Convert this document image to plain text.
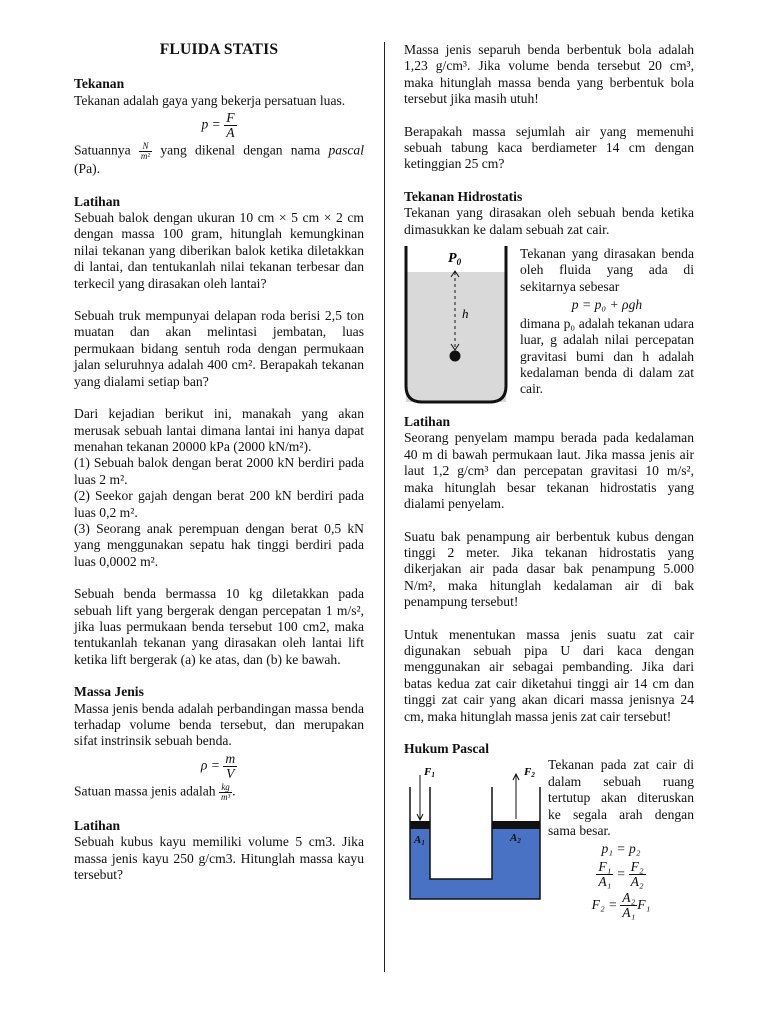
FLUIDA STATIS
Tekanan

Tekanan adalah gaya yang bekerja persatuan luas.

$p = \frac{F}{A}$

Satuannya $\frac{N}{\text{m²}}$ yang dikenal dengan nama pascal (Pa).

Latihan

Sebuah balok dengan ukuran 10 cm × 5 cm × 2 cm dengan massa 100 gram, hitunglah kemungkinan nilai tekanan yang diberikan balok ketika diletakkan di lantai, dan tentukanlah nilai tekanan terbesar dan terkecil yang dirasakan oleh lantai?

Sebuah truk mempunyai delapan roda berisi 2,5 ton muatan dan akan melintasi jembatan, luas permukaan bidang sentuh roda dengan permukaan jalan seluruhnya adalah 400 cm². Berapakah tekanan yang dialami setiap ban?

Dari kejadian berikut ini, manakah yang akan merusak sebuah lantai dimana lantai ini hanya dapat menahan tekanan 20000 kPa (2000 kN/m²).

(1) Sebuah balok dengan berat 2000 kN berdiri pada luas 2 m².

(2) Seekor gajah dengan berat 200 kN berdiri pada luas 0,2 m².

(3) Seorang anak perempuan dengan berat 0,5 kN yang menggunakan sepatu hak tinggi berdiri pada luas 0,0002 m².

Sebuah benda bermassa 10 kg diletakkan pada sebuah lift yang bergerak dengan percepatan 1 m/s², jika luas permukaan benda tersebut 100 cm2, maka tentukanlah tekanan yang dirasakan oleh lantai lift ketika lift bergerak (a) ke atas, dan (b) ke bawah.

Massa Jenis

Massa jenis benda adalah perbandingan massa benda terhadap volume benda tersebut, dan merupakan sifat instrinsik sebuah benda.

$\rho = \frac{m}{V}$

Satuan massa jenis adalah $\frac{kg}{\text{m³}}$ .

Latihan

Sebuah kubus kayu memiliki volume 5 cm3. Jika massa jenis kayu 250 g/cm3. Hitunglah massa kayu tersebut?

Massa jenis separuh benda berbentuk bola adalah 1,23 g/cm³. Jika volume benda tersebut 20 cm³, maka hitunglah massa benda yang berbentuk bola tersebut jika masih utuh!

Berapakah massa sejumlah air yang memenuhi sebuah tabung kaca berdiameter 14 cm dengan ketinggian 25 cm?

Tekanan Hidrostatis

Tekanan yang dirasakan oleh sebuah benda ketika dimasukkan ke dalam sebuah zat cair.

$P_0$
h

Tekanan yang dirasakan benda oleh fluida yang ada di sekitarnya sebesar

p = p₀ + ρgh

dimana p₀ adalah tekanan udara luar, g adalah nilai percepatan gravitasi bumi dan h adalah kedalaman benda di dalam zat cair.

Latihan

Seorang penyelam mampu berada pada kedalaman 40 m di bawah permukaan laut. Jika massa jenis air laut 1,2 g/cm³ dan percepatan gravitasi 10 m/s², maka hitunglah besar tekanan hidrostatis yang dialami penyelam.

Suatu bak penampung air berbentuk kubus dengan tinggi 2 meter. Jika tekanan hidrostatis yang dikerjakan air pada dasar bak penampung 5.000 N/m², maka hitunglah kedalaman air di bak penampung tersebut!

Untuk menentukan massa jenis suatu zat cair digunakan sebuah pipa U dari kaca dengan menggunakan air sebagai pembanding. Jika dari batas kedua zat cair diketahui tinggi air 14 cm dan tinggi zat cair yang akan dicari massa jenisnya 24 cm, maka hitunglah massa jenis zat cair tersebut!

Hukum Pascal
F1	F2
A1	A2

Tekanan pada zat cair di dalam sebuah ruang tertutup akan diteruskan ke segala arah dengan sama besar.

p₁ = p₂
$\frac{\text{F₁}}{\text{A₁}} = \frac{\text{F₂}}{\text{A₂}}$
$F_2 = \frac{\text{A₂}}{\text{A₁}} F_1$
